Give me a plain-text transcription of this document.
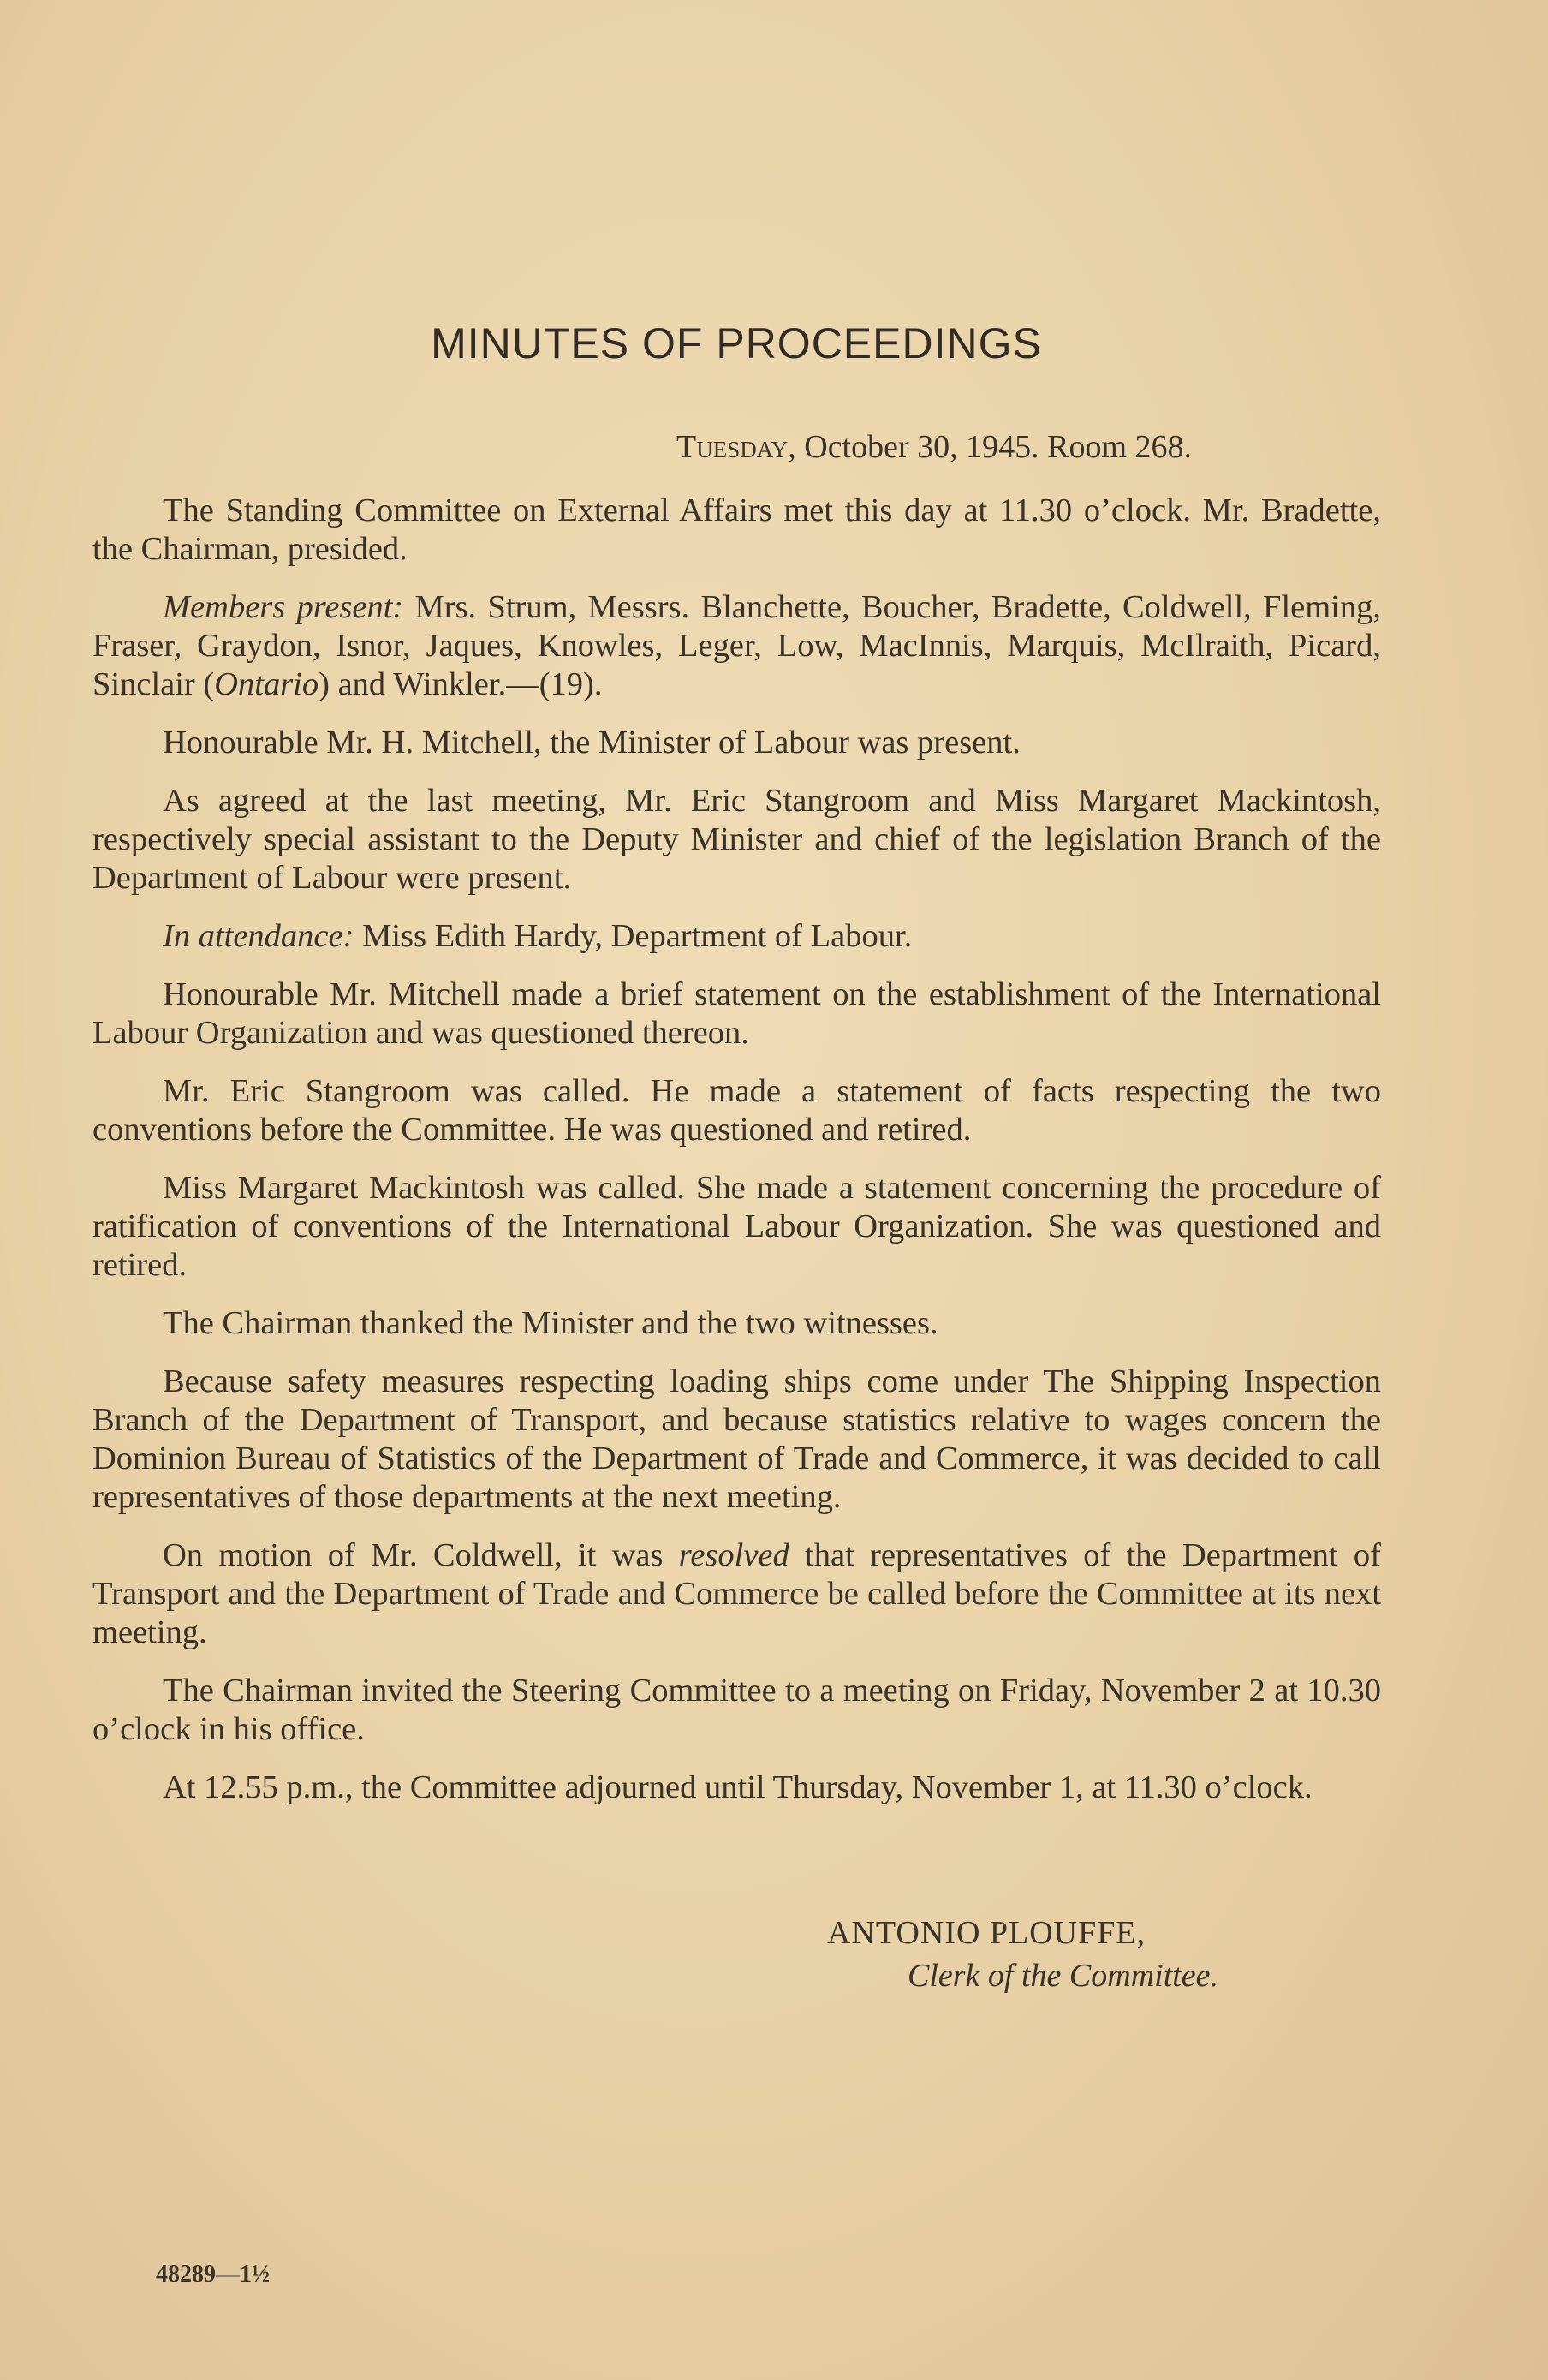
MINUTES OF PROCEEDINGS
Tuesday, October 30, 1945. Room 268.

The Standing Committee on External Affairs met this day at 11.30 o’clock. Mr. Bradette, the Chairman, presided.

Members present: Mrs. Strum, Messrs. Blanchette, Boucher, Bradette, Coldwell, Fleming, Fraser, Graydon, Isnor, Jaques, Knowles, Leger, Low, MacInnis, Marquis, McIlraith, Picard, Sinclair (Ontario) and Winkler.—(19).

Honourable Mr. H. Mitchell, the Minister of Labour was present.

As agreed at the last meeting, Mr. Eric Stangroom and Miss Margaret Mackintosh, respectively special assistant to the Deputy Minister and chief of the legislation Branch of the Department of Labour were present.

In attendance: Miss Edith Hardy, Department of Labour.

Honourable Mr. Mitchell made a brief statement on the establishment of the International Labour Organization and was questioned thereon.

Mr. Eric Stangroom was called. He made a statement of facts respecting the two conventions before the Committee. He was questioned and retired.

Miss Margaret Mackintosh was called. She made a statement concerning the procedure of ratification of conventions of the International Labour Organization. She was questioned and retired.

The Chairman thanked the Minister and the two witnesses.

Because safety measures respecting loading ships come under The Shipping Inspection Branch of the Department of Transport, and because statistics relative to wages concern the Dominion Bureau of Statistics of the Department of Trade and Commerce, it was decided to call representatives of those departments at the next meeting.

On motion of Mr. Coldwell, it was resolved that representatives of the Department of Transport and the Department of Trade and Commerce be called before the Committee at its next meeting.

The Chairman invited the Steering Committee to a meeting on Friday, November 2 at 10.30 o’clock in his office.

At 12.55 p.m., the Committee adjourned until Thursday, November 1, at 11.30 o’clock.

ANTONIO PLOUFFE,
Clerk of the Committee.
48289—1½
